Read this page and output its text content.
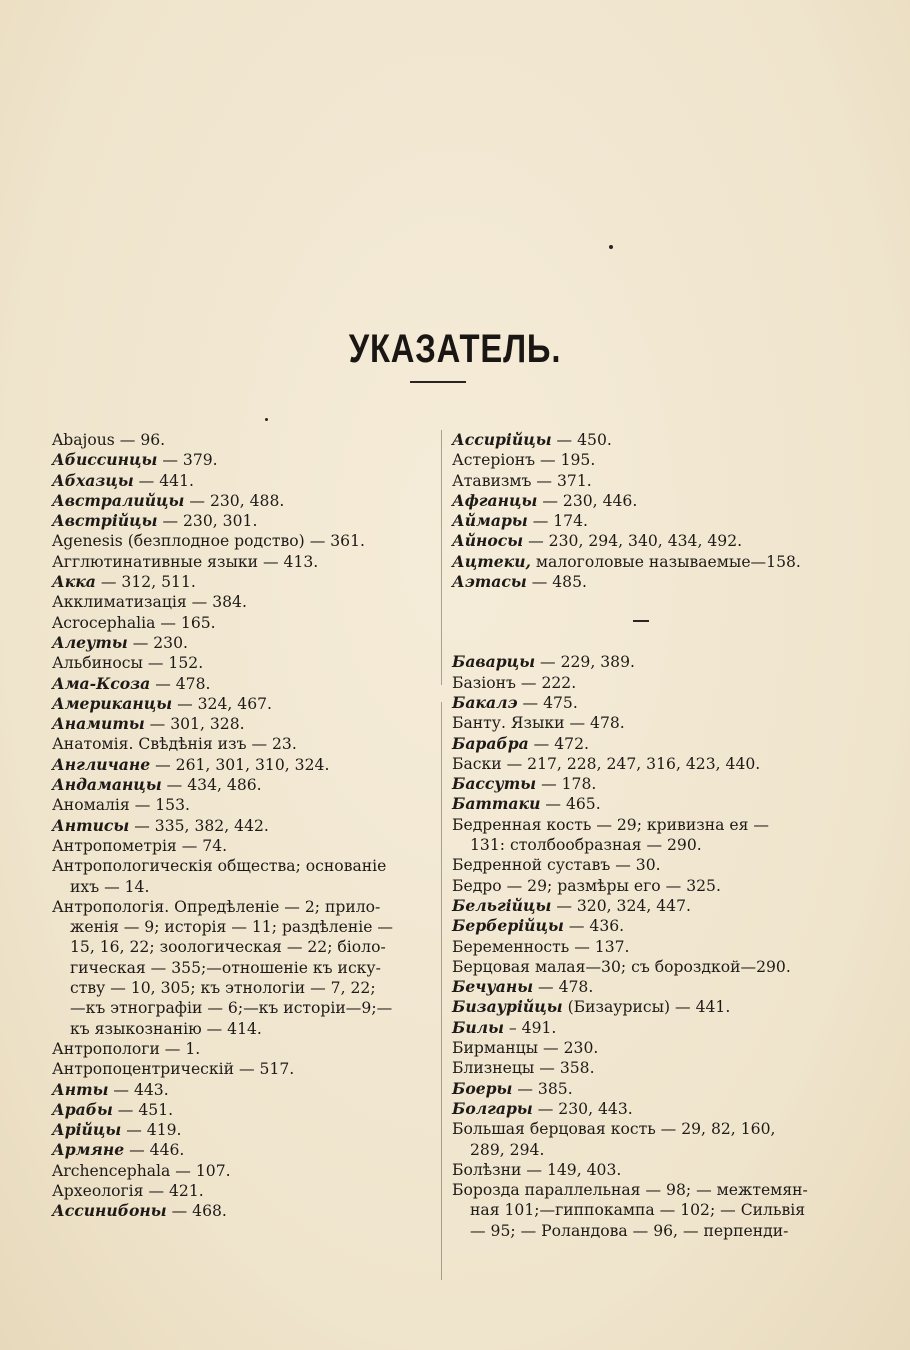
УКАЗАТЕЛЬ.
Abajous — 96.
Абиссинцы — 379.
Абхазцы — 441.
Австралийцы — 230, 488.
Австрійцы — 230, 301.
Agenesis (безплодное родство) — 361.
Агглютинативные языки — 413.
Акка — 312, 511.
Акклиматизація — 384.
Acrocephalia — 165.
Алеуты — 230.
Альбиносы — 152.
Ама-Ксоза — 478.
Американцы — 324, 467.
Анамиты — 301, 328.
Анатомія. Свѣдѣнія изъ — 23.
Англичане — 261, 301, 310, 324.
Андаманцы — 434, 486.
Аномалія — 153.
Антисы — 335, 382, 442.
Антропометрія — 74.
Антропологическія общества; основаніе
ихъ — 14.
Антропологія. Опредѣленіе — 2; прило-
женія — 9; исторія — 11; раздѣленіе —
15, 16, 22; зоологическая — 22; біоло-
гическая — 355;—отношеніе къ иску-
ству — 10, 305; къ этнологіи — 7, 22;
—къ этнографіи — 6;—къ исторіи—9;—
къ языкознанію — 414.
Антропологи — 1.
Антропоцентрическій — 517.
Анты — 443.
Арабы — 451.
Арійцы — 419.
Армяне — 446.
Archencephala — 107.
Археологія — 421.
Ассинибоны — 468.
Ассирійцы — 450.
Астеріонъ — 195.
Атавизмъ — 371.
Афганцы — 230, 446.
Аймары — 174.
Айносы — 230, 294, 340, 434, 492.
Ацтеки, малоголовые называемые—158.
Аэтасы — 485.
Баварцы — 229, 389.
Базіонъ — 222.
Бакалэ — 475.
Банту. Языки — 478.
Барабра — 472.
Баски — 217, 228, 247, 316, 423, 440.
Бассуты — 178.
Баттаки — 465.
Бедренная кость — 29; кривизна ея —
131: столбообразная — 290.
Бедренной суставъ — 30.
Бедро — 29; размѣры его — 325.
Бельгійцы — 320, 324, 447.
Берберійцы — 436.
Беременность — 137.
Берцовая малая—30; съ бороздкой—290.
Бечуаны — 478.
Бизаурійцы (Бизаурисы) — 441.
Билы – 491.
Бирманцы — 230.
Близнецы — 358.
Боеры — 385.
Болгары — 230, 443.
Большая берцовая кость — 29, 82, 160,
289, 294.
Болѣзни — 149, 403.
Борозда параллельная — 98; — межтемян-
ная 101;—гиппокампа — 102; — Сильвія
— 95; — Роландова — 96, — перпенди-
